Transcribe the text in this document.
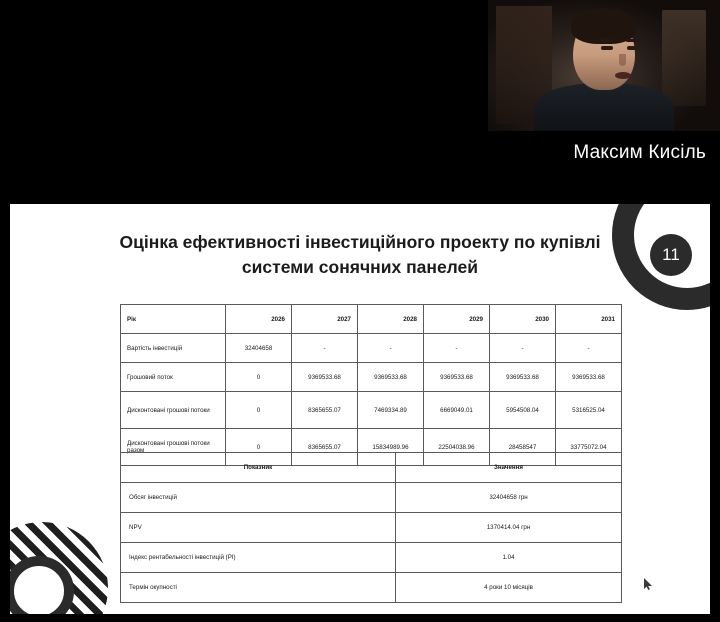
Максим Кисіль
11
Оцінка ефективності інвестиційного проекту по купівлі
системи сонячних панелей
Рік	2026	2027	2028	2029	2030	2031
Вартість інвестицій	32404658	-	-	-	-	-
Грошовий поток	0	9369533.68	9369533.68	9369533.68	9369533.68	9369533.68
Дисконтовані грошові потоки	0	8365655.07	7469334.89	6669049.01	5954508.04	5316525.04
Дисконтовані грошові потоки разом	0	8365655.07	15834989.96	22504038.96	28458547	33775072.04
Показник	Значення
Обсяг інвестицій	32404658 грн
NPV	1370414.04 грн
Індекс рентабельності інвестицій (PI)	1.04
Термін окупності	4 роки 10 місяців
